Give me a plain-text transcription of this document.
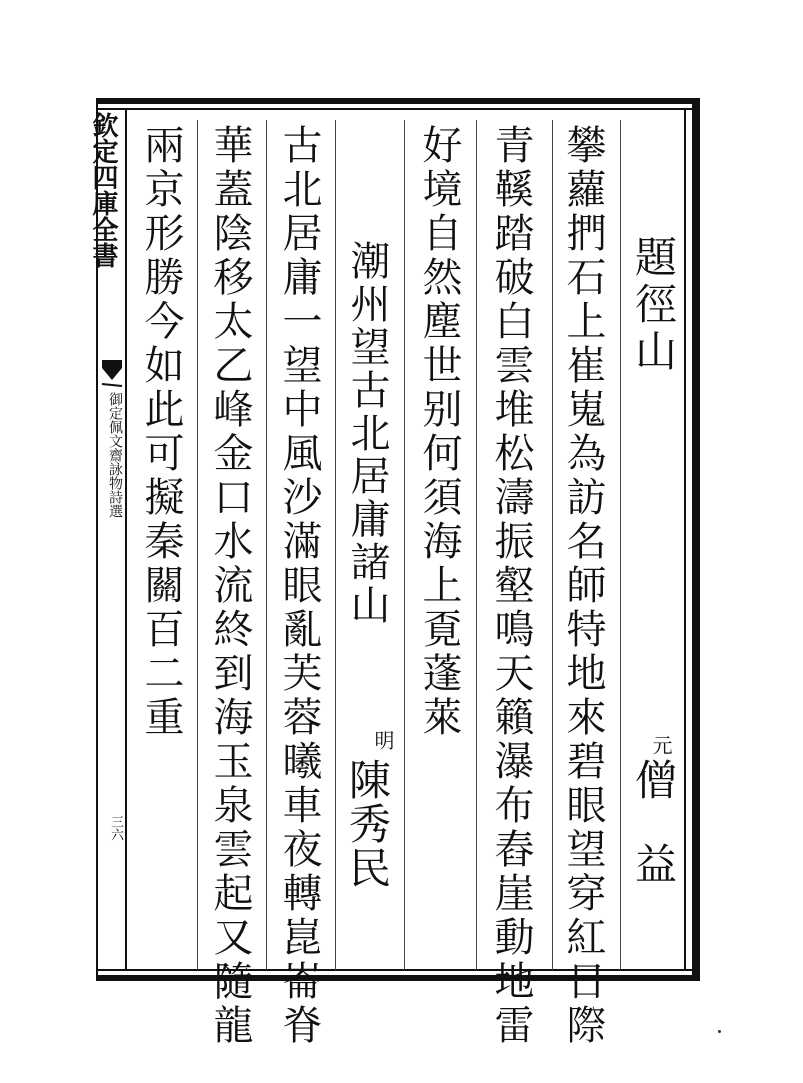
欽定四庫全書
御定佩文齋詠物詩選
三六
題徑山
元
僧　益
攀蘿捫石上崔嵬為訪名師特地來碧眼望穿紅日際
青鞵踏破白雲堆松濤振壑鳴天籟瀑布舂崖動地雷
好境自然塵世别何須海上覔蓬萊
潮州望古北居庸諸山
明
陳秀民
古北居庸一望中風沙滿眼亂芙蓉曦車夜轉崑崙脊
華蓋陰移太乙峰金口水流終到海玉泉雲起又隨龍
兩京形勝今如此可擬秦關百二重
